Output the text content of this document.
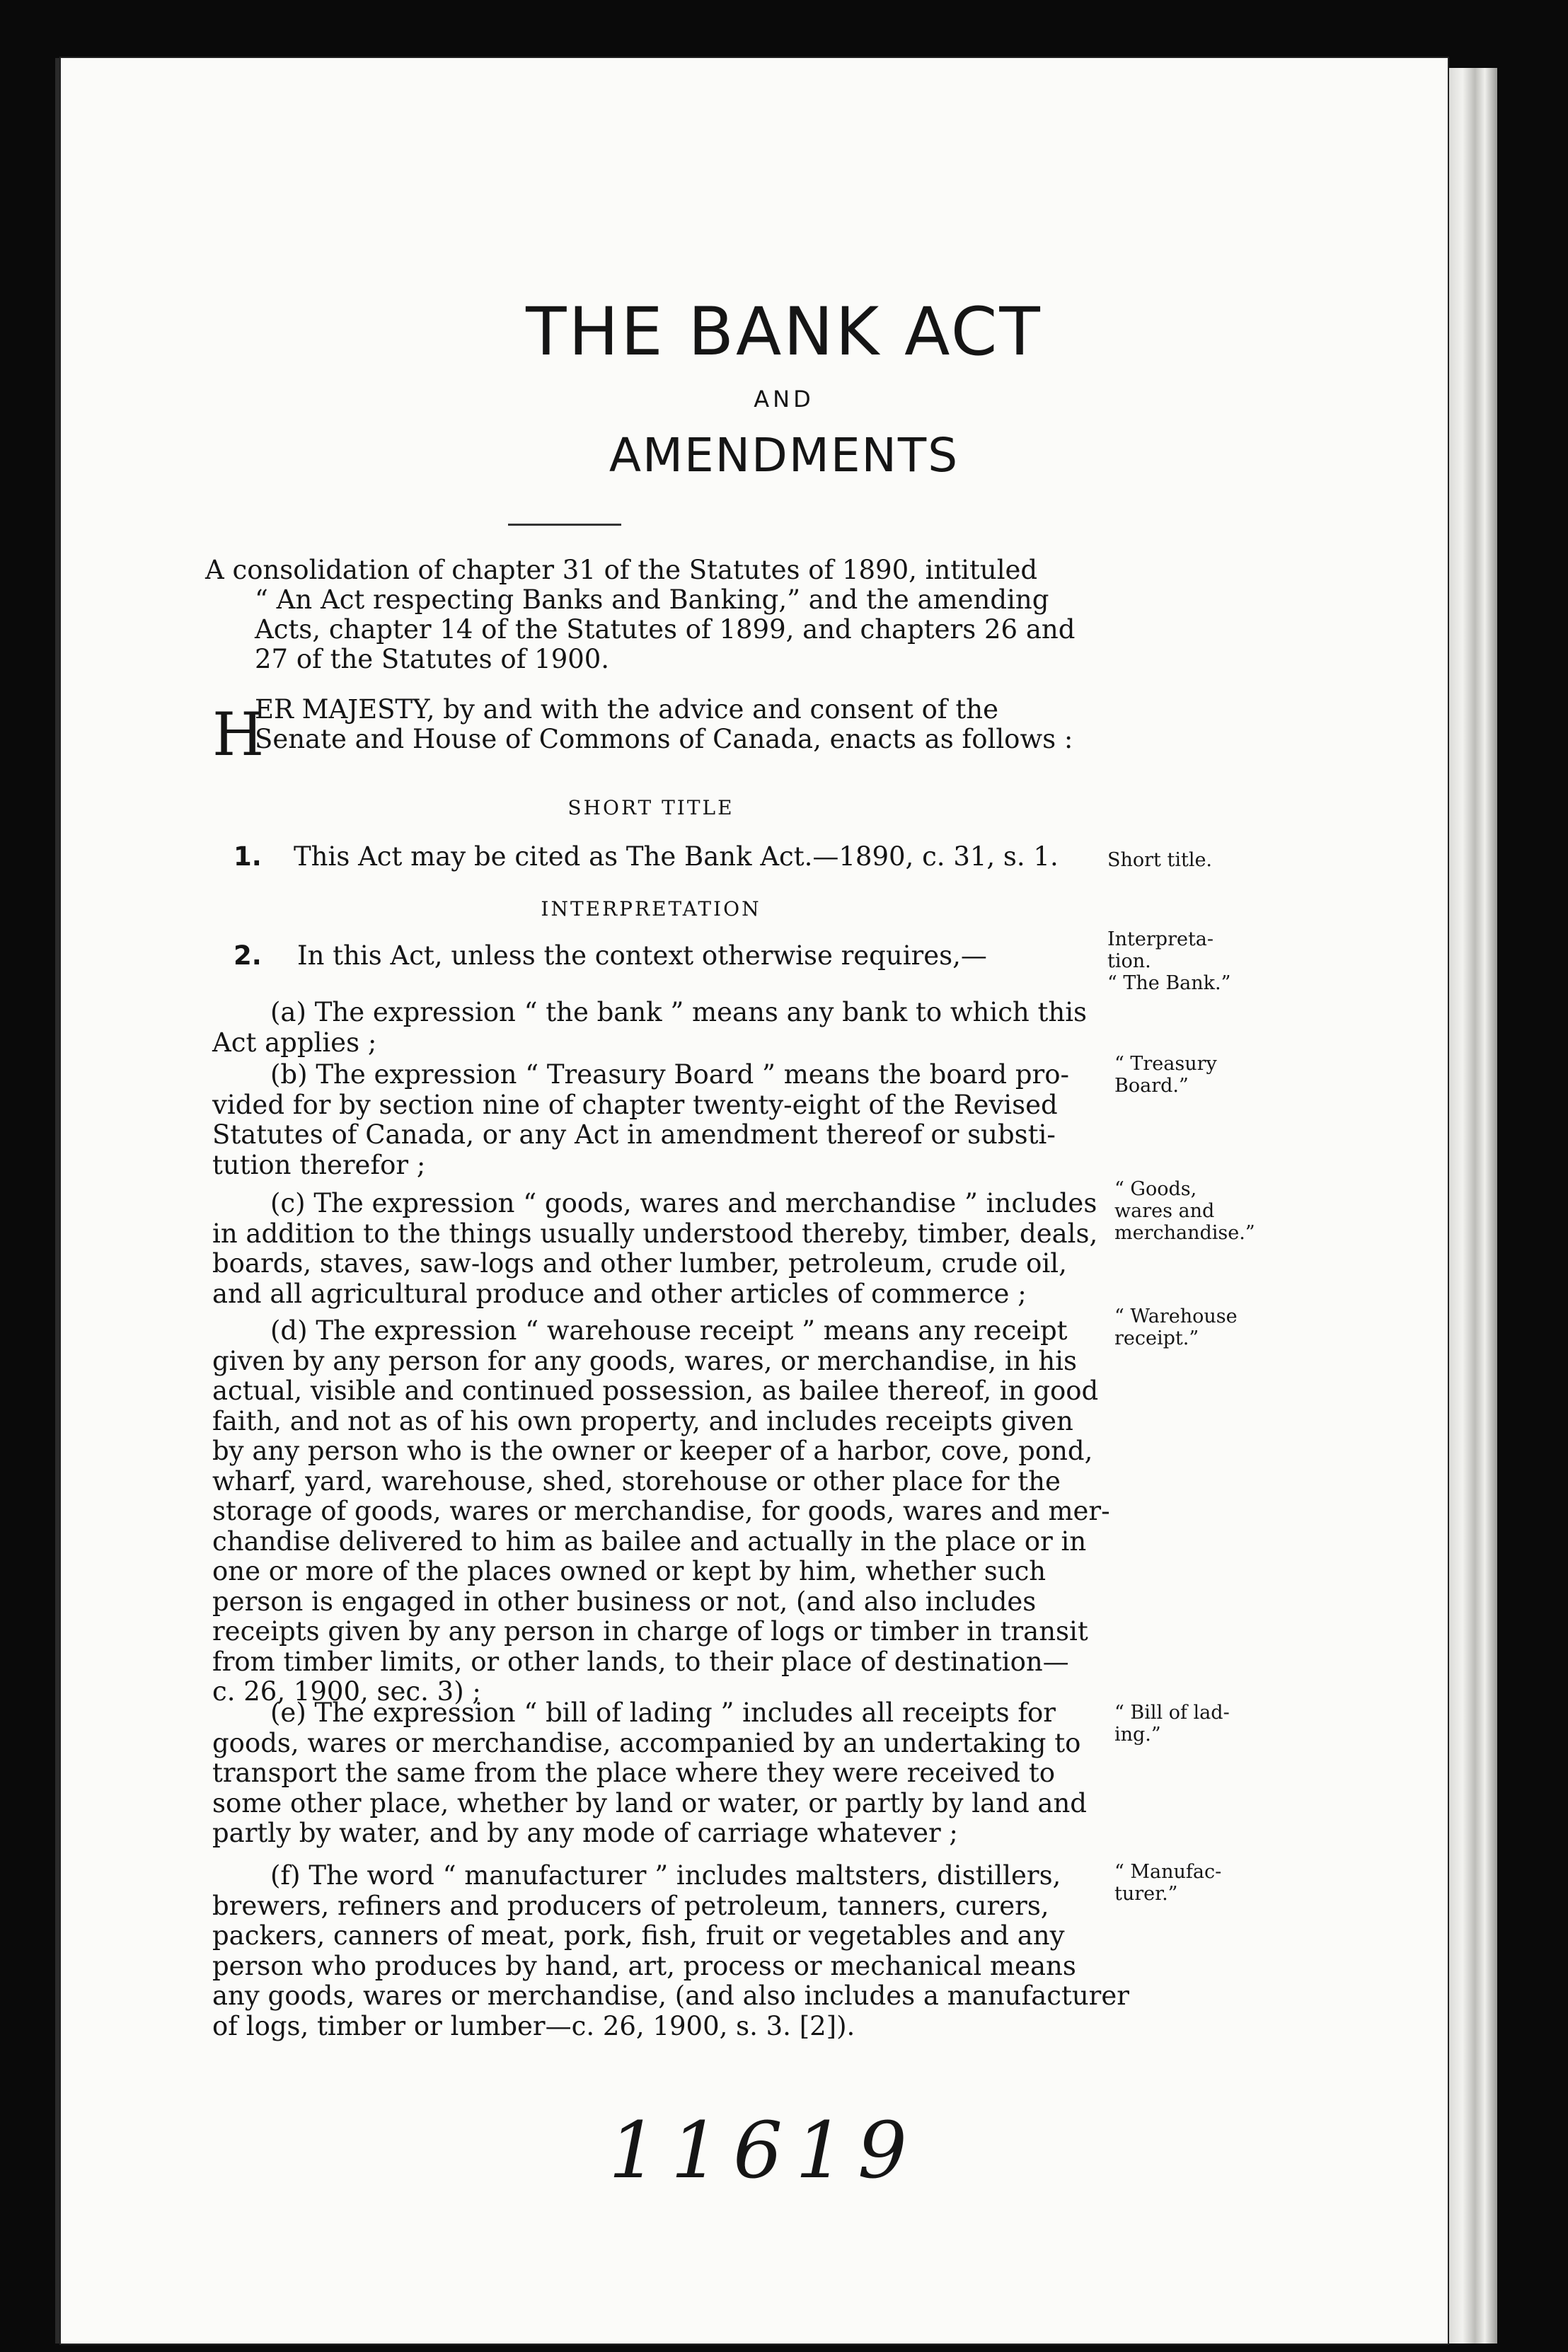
THE BANK ACT
AND
AMENDMENTS
A consolidation of chapter 31 of the Statutes of 1890, intituled
“ An Act respecting Banks and Banking,” and the amending
Acts, chapter 14 of the Statutes of 1899, and chapters 26 and
27 of the Statutes of 1900.
H
ER MAJESTY, by and with the advice and consent of the
Senate and House of Commons of Canada, enacts as follows :
SHORT TITLE
1. This Act may be cited as The Bank Act.—1890, c. 31, s. 1.	Short title.
INTERPRETATION
2. In this Act, unless the context otherwise requires,—
Interpreta-
tion.
“ The Bank.”
(a) The expression “ the bank ” means any bank to which this
Act applies ;
(b) The expression “ Treasury Board ” means the board pro-
vided for by section nine of chapter twenty-eight of the Revised
Statutes of Canada, or any Act in amendment thereof or substi-
tution therefor ;
“ Treasury
Board.”
(c) The expression “ goods, wares and merchandise ” includes
in addition to the things usually understood thereby, timber, deals,
boards, staves, saw-logs and other lumber, petroleum, crude oil,
and all agricultural produce and other articles of commerce ;
“ Goods,
wares and
merchandise.”
(d) The expression “ warehouse receipt ” means any receipt
given by any person for any goods, wares, or merchandise, in his
actual, visible and continued possession, as bailee thereof, in good
faith, and not as of his own property, and includes receipts given
by any person who is the owner or keeper of a harbor, cove, pond,
wharf, yard, warehouse, shed, storehouse or other place for the
storage of goods, wares or merchandise, for goods, wares and mer-
chandise delivered to him as bailee and actually in the place or in
one or more of the places owned or kept by him, whether such
person is engaged in other business or not, (and also includes
receipts given by any person in charge of logs or timber in transit
from timber limits, or other lands, to their place of destination—
c. 26, 1900, sec. 3) ;
“ Warehouse
receipt.”
(e) The expression “ bill of lading ” includes all receipts for
goods, wares or merchandise, accompanied by an undertaking to
transport the same from the place where they were received to
some other place, whether by land or water, or partly by land and
partly by water, and by any mode of carriage whatever ;
“ Bill of lad-
ing.”
(f) The word “ manufacturer ” includes maltsters, distillers,
brewers, refiners and producers of petroleum, tanners, curers,
packers, canners of meat, pork, fish, fruit or vegetables and any
person who produces by hand, art, process or mechanical means
any goods, wares or merchandise, (and also includes a manufacturer
of logs, timber or lumber—c. 26, 1900, s. 3. [2]).
“ Manufac-
turer.”
11619
